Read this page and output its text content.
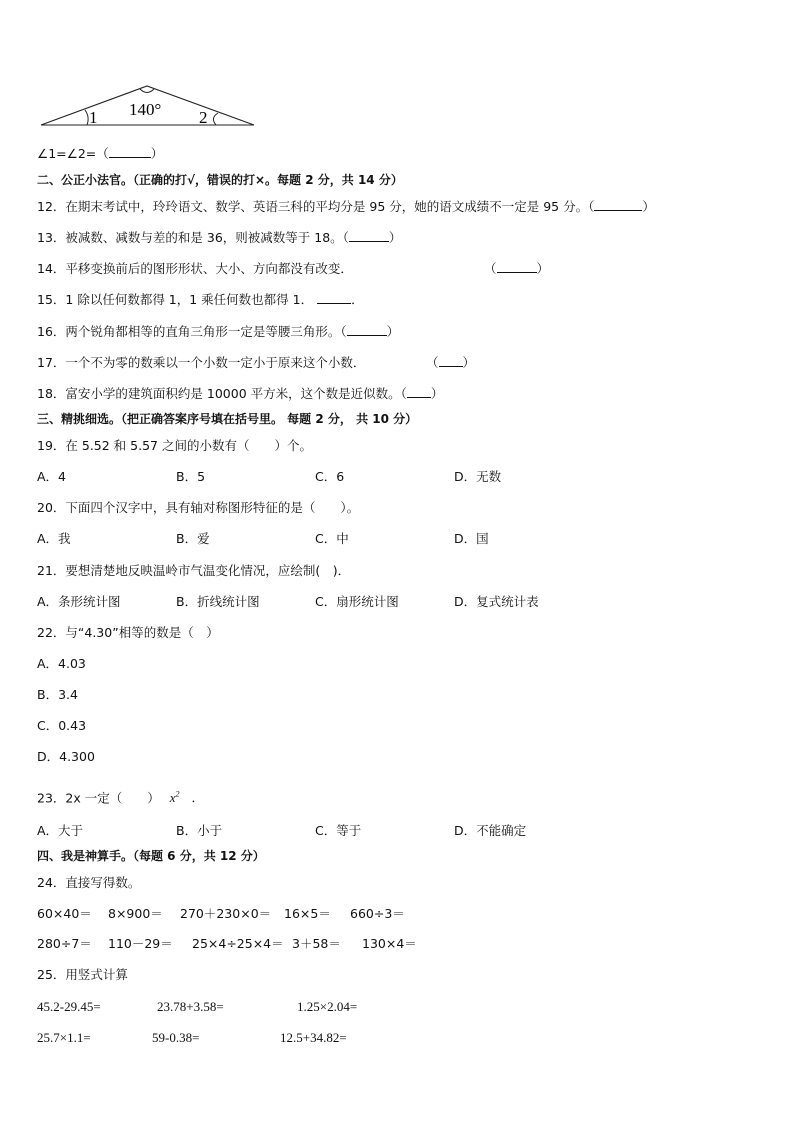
140°
1	2
∠1=∠2=（	）
二、公正小法官。（正确的打√，错误的打×。每题 2 分，共 14 分）
12．在期末考试中，玲玲语文、数学、英语三科的平均分是 95 分，她的语文成绩不一定是 95 分。（	）
13．被减数、减数与差的和是 36，则被减数等于 18。（	）
14．平移变换前后的图形形状、大小、方向都没有改变．	（	）
15．1 除以任何数都得 1，1 乘任何数也都得 1．	．
16．两个锐角都相等的直角三角形一定是等腰三角形。（	）
17．一个不为零的数乘以一个小数一定小于原来这个小数．	（ ）
18．富安小学的建筑面积约是 10000 平方米，这个数是近似数。（ ）
三、精挑细选。（把正确答案序号填在括号里。 每题 2 分， 共 10 分）
19．在 5.52 和 5.57 之间的小数有（　　）个。
A．4	B．5	C．6	D．无数
20．下面四个汉字中，具有轴对称图形特征的是（　　）。
A．我	B．爱	C．中	D．国
21．要想清楚地反映温岭市气温变化情况，应绘制(　)．
A．条形统计图	B．折线统计图	C．扇形统计图	D．复式统计表
22．与“4.30”相等的数是（　）
A．4.03
B．3.4
C．0.43
D．4.300
23．2x 一定（　　） $x^2$ ．
A．大于	B．小于	C．等于	D．不能确定
四、我是神算手。（每题 6 分，共 12 分）
24．直接写得数。
60×40＝ 8×900＝ 270＋230×0＝ 16×5＝ 660÷3＝
280÷7＝ 110－29＝ 25×4÷25×4＝ 3＋58＝ 130×4＝
25．用竖式计算
45.2-29.45=	23.78+3.58=	1.25×2.04=
25.7×1.1=	59-0.38=	12.5+34.82=
